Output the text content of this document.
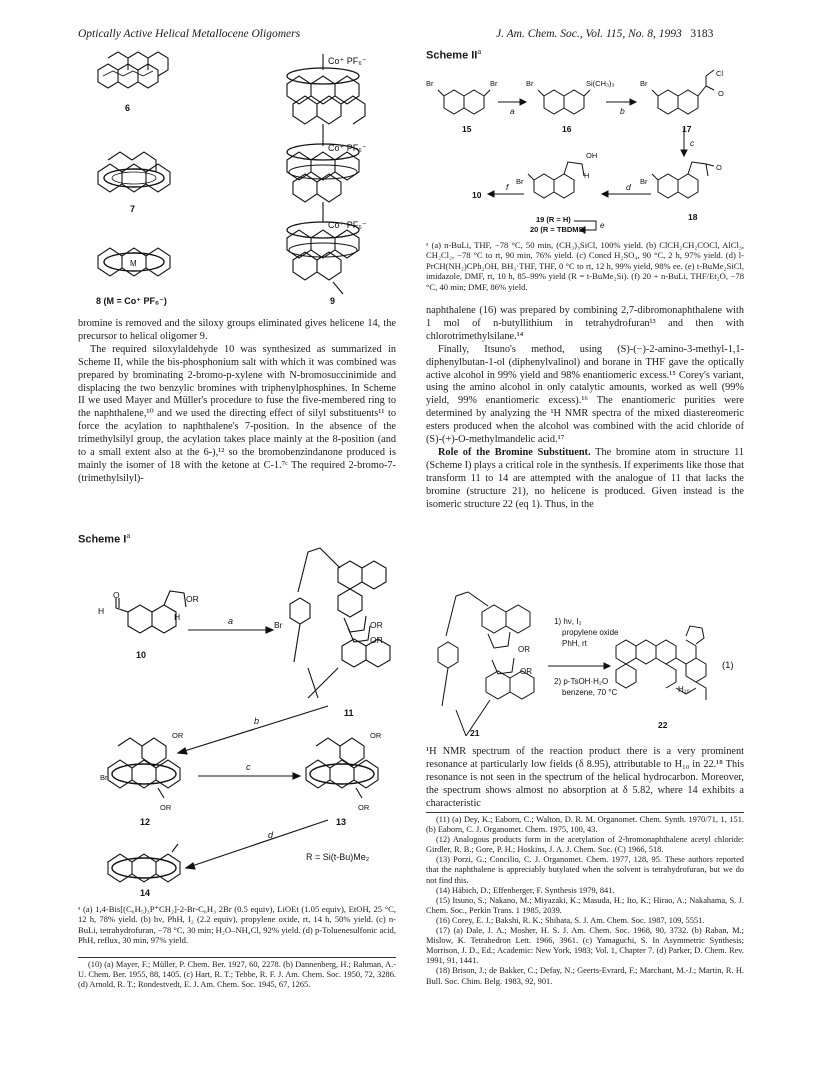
Optically Active Helical Metallocene Oligomers	J. Am. Chem. Soc., Vol. 115, No. 8, 1993 3183
6
7
M
8 (M = Co⁺ PF₆⁻)	9
Co⁺ PF₆⁻
Co⁺ PF₆⁻
Co⁺ PF₆⁻

bromine is removed and the siloxy groups eliminated gives helicene 14, the precursor to helical oligomer 9.

The required siloxylaldehyde 10 was synthesized as summarized in Scheme II, while the bis-phosphonium salt with which it was combined was prepared by brominating 2-bromo-p-xylene with N-bromosuccinimide and displacing the two benzylic bromines with triphenylphosphines. In Scheme II we used Mayer and Müller's procedure to fuse the five-membered ring to the naphthalene,¹⁰ and we used the directing effect of silyl substituents¹¹ to force the acylation to naphthalene's 7-position. In the absence of the trimethylsilyl group, the acylation takes place mainly at the 8-position (and to a small extent also at the 6-),¹² so the bromobenzindanone produced is mainly the isomer of 18 with the ketone at C-1.⁷ᶜ The required 2-bromo-7-(trimethylsilyl)-

Scheme $I^a$
O
H
OR
H
10
a	Br	OR
OR
11
b
OR
Br
OR
12
c
OR
OR
13
d
R = Si(t-Bu)Me₂
14
ᵃ (a) 1,4-Bis[(C₆H₅)₃P⁺CH₂]-2-Br-C₆H₃ 2Br (0.5 equiv), LiOEt (1.05 equiv), EtOH, 25 °C, 12 h, 78% yield. (b) hν, PhH, I₂ (2.2 equiv), propylene oxide, rt, 14 h, 50% yield. (c) n-BuLi, tetrahydrofuran, −78 °C, 30 min; H₂O–NH₄Cl, 92% yield. (d) p-Toluenesulfonic acid, PhH, reflux, 30 min, 97% yield.

(10) (a) Mayer, F.; Müller, P. Chem. Ber. 1927, 60, 2278. (b) Dannenberg, H.; Rahman, A.-U. Chem. Ber. 1955, 88, 1405. (c) Hart, R. T.; Tebbe, R. F. J. Am. Chem. Soc. 1950, 72, 3286. (d) Arnold, R. T.; Rondestvedt, E. J. Am. Chem. Soc. 1945, 67, 1265.

Scheme $II^a$
Br	Br
15
a
Br	Si(CH₃)₃
16
b
Br
Cl
O
17
c
Br
O
18
d
Br
OH
H
f
10
19 (R = H)
20 (R = TBDMS) e
ᵃ (a) n-BuLi, THF, −78 °C, 50 min, (CH₃)₃SiCl, 100% yield. (b) ClCH₂CH₂COCl, AlCl₃, CH₂Cl₂, −78 °C to rt, 90 min, 76% yield. (c) Concd H₂SO₄, 90 °C, 2 h, 97% yield. (d) l-PrCH(NH₂)CPh₂OH, BH₃·THF, THF, 0 °C to rt, 12 h, 99% yield, 98% ee. (e) t-BuMe₂SiCl, imidazole, DMF, rt, 10 h, 85–99% yield (R = t-BuMe₂Si). (f) 20 + n-BuLi, THF/Et₂O, −78 °C, 40 min; DMF, 86% yield.

naphthalene (16) was prepared by combining 2,7-dibromonaphthalene with 1 mol of n-butyllithium in tetrahydrofuran¹³ and then with chlorotrimethylsilane.¹⁴

Finally, Itsuno's method, using (S)-(−)-2-amino-3-methyl-1,1-diphenylbutan-1-ol (diphenylvalinol) and borane in THF gave the optically active alcohol in 99% yield and 98% enantiomeric excess.¹⁵ Corey's variant, using the amino alcohol in only catalytic amounts, worked as well (99% yield, 99% enantiomeric excess).¹⁶ The enantiomeric purities were determined by analyzing the ¹H NMR spectra of the mixed diastereomeric esters produced when the alcohol was combined with the acid chloride of (S)-(+)-O-methylmandelic acid.¹⁷

Role of the Bromine Substituent. The bromine atom in structure 11 (Scheme I) plays a critical role in the synthesis. If experiments like those that transform 11 to 14 are attempted with the analogue of 11 that lacks the bromine (structure 21), no helicene is produced. Given instead is the isomeric structure 22 (eq 1). Thus, in the

1) hν, I₂
propylene oxide
PhH, rt
2) p-TsOH·H₂O
benzene, 70 °C
OR
OR
H₁₀
(1)
21
22

¹H NMR spectrum of the reaction product there is a very prominent resonance at particularly low fields (δ 8.95), attributable to H₁₀ in 22.¹⁸ This resonance is not seen in the spectrum of the helical hydrocarbon. Moreover, the spectrum shows almost no absorption at δ 5.82, where 14 exhibits a characteristic

(11) (a) Dey, K.; Eaborn, C.; Walton, D. R. M. Organomet. Chem. Synth. 1970/71, 1, 151. (b) Eaborn, C. J. Organomet. Chem. 1975, 100, 43.

(12) Analogous products form in the acetylation of 2-bromonaphthalene acetyl chloride: Girdler, R. B.; Gore, P. H.; Hoskins, J. A. J. Chem. Soc. (C) 1966, 518.

(13) Porzi, G.; Concilio, C. J. Organomet. Chem. 1977, 128, 95. These authors reported that the naphthalene is appreciably butylated when the solvent is tetrahydrofuran, but we do not find this.

(14) Häbich, D.; Effenberger, F. Synthesis 1979, 841.

(15) Itsuno, S.; Nakano, M.; Miyazaki, K.; Masuda, H.; Ito, K.; Hirao, A.; Nakahama, S. J. Chem. Soc., Perkin Trans. 1 1985, 2039.

(16) Corey, E. J.; Bakshi, R. K.; Shibata, S. J. Am. Chem. Soc. 1987, 109, 5551.

(17) (a) Dale, J. A.; Mosher, H. S. J. Am. Chem. Soc. 1968, 90, 3732. (b) Raban, M.; Mislow, K. Tetrahedron Lett. 1966, 3961. (c) Yamaguchi, S. In Asymmetric Synthesis; Morrison, J. D., Ed.; Academic: New York, 1983; Vol. 1, Chapter 7. (d) Parker, D. Chem. Rev. 1991, 91, 1441.

(18) Brison, J.; de Bakker, C.; Defay, N.; Geerts-Evrard, F.; Marchant, M.-J.; Martin, R. H. Bull. Soc. Chim. Belg. 1983, 92, 901.
